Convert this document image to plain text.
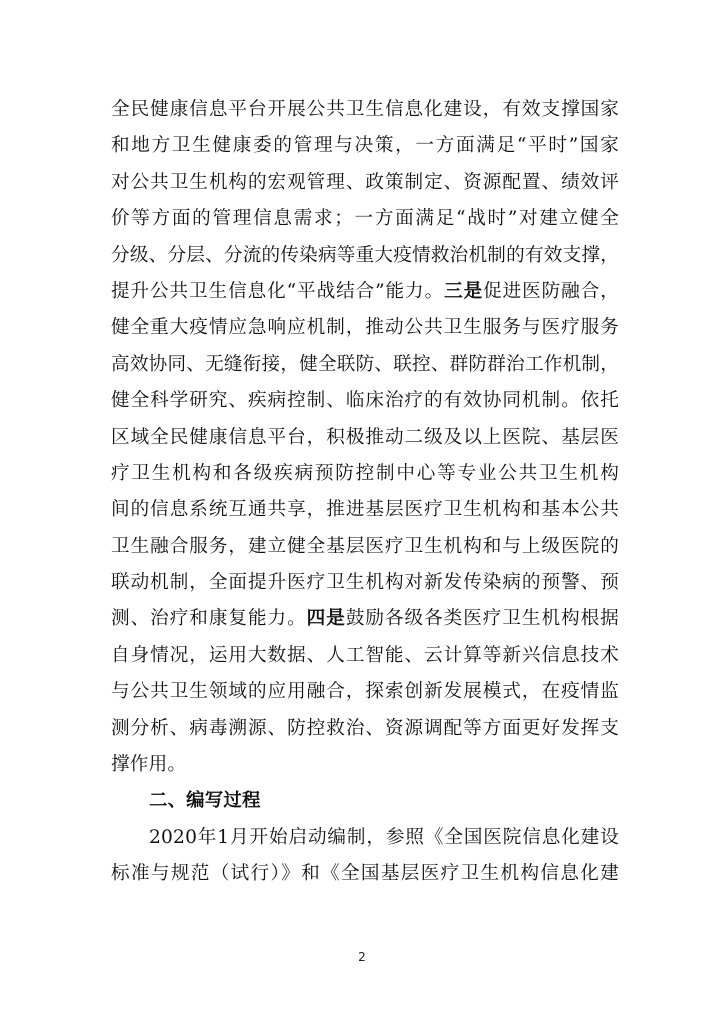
全民健康信息平台开展公共卫生信息化建设，有效支撑国家
和地方卫生健康委的管理与决策，一方面满足“平时”国家
对公共卫生机构的宏观管理、政策制定、资源配置、绩效评
价等方面的管理信息需求；一方面满足“战时”对建立健全
分级、分层、分流的传染病等重大疫情救治机制的有效支撑，
提升公共卫生信息化“平战结合”能力。三是促进医防融合，
健全重大疫情应急响应机制，推动公共卫生服务与医疗服务
高效协同、无缝衔接，健全联防、联控、群防群治工作机制，
健全科学研究、疾病控制、临床治疗的有效协同机制。依托
区域全民健康信息平台，积极推动二级及以上医院、基层医
疗卫生机构和各级疾病预防控制中心等专业公共卫生机构
间的信息系统互通共享，推进基层医疗卫生机构和基本公共
卫生融合服务，建立健全基层医疗卫生机构和与上级医院的
联动机制，全面提升医疗卫生机构对新发传染病的预警、预
测、治疗和康复能力。四是鼓励各级各类医疗卫生机构根据
自身情况，运用大数据、人工智能、云计算等新兴信息技术
与公共卫生领域的应用融合，探索创新发展模式，在疫情监
测分析、病毒溯源、防控救治、资源调配等方面更好发挥支
撑作用。
二、编写过程
2020年1月开始启动编制，参照《全国医院信息化建设
标准与规范（试行）》和《全国基层医疗卫生机构信息化建
2
